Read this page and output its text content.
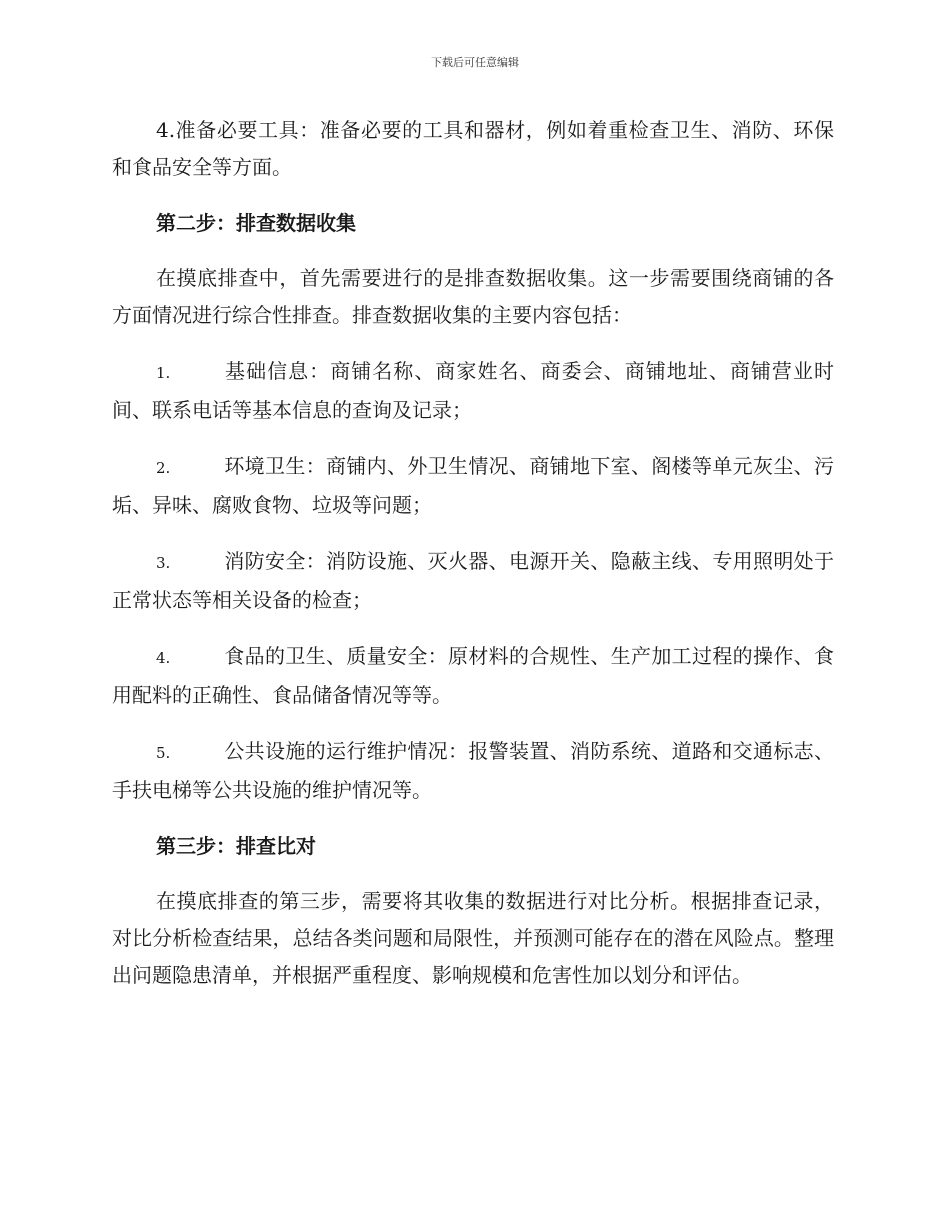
下载后可任意编辑

4.准备必要工具：准备必要的工具和器材，例如着重检查卫生、消防、环保和食品安全等方面。

第二步：排查数据收集

在摸底排查中，首先需要进行的是排查数据收集。这一步需要围绕商铺的各方面情况进行综合性排查。排查数据收集的主要内容包括：

1.	基础信息：商铺名称、商家姓名、商委会、商铺地址、商铺营业时间、联系电话等基本信息的查询及记录；
2.	环境卫生：商铺内、外卫生情况、商铺地下室、阁楼等单元灰尘、污垢、异味、腐败食物、垃圾等问题；
3.	消防安全：消防设施、灭火器、电源开关、隐蔽主线、专用照明处于正常状态等相关设备的检查；
4.	食品的卫生、质量安全：原材料的合规性、生产加工过程的操作、食用配料的正确性、食品储备情况等等。
5.	公共设施的运行维护情况：报警装置、消防系统、道路和交通标志、手扶电梯等公共设施的维护情况等。
第三步：排查比对

在摸底排查的第三步，需要将其收集的数据进行对比分析。根据排查记录，对比分析检查结果，总结各类问题和局限性，并预测可能存在的潜在风险点。整理出问题隐患清单，并根据严重程度、影响规模和危害性加以划分和评估。
